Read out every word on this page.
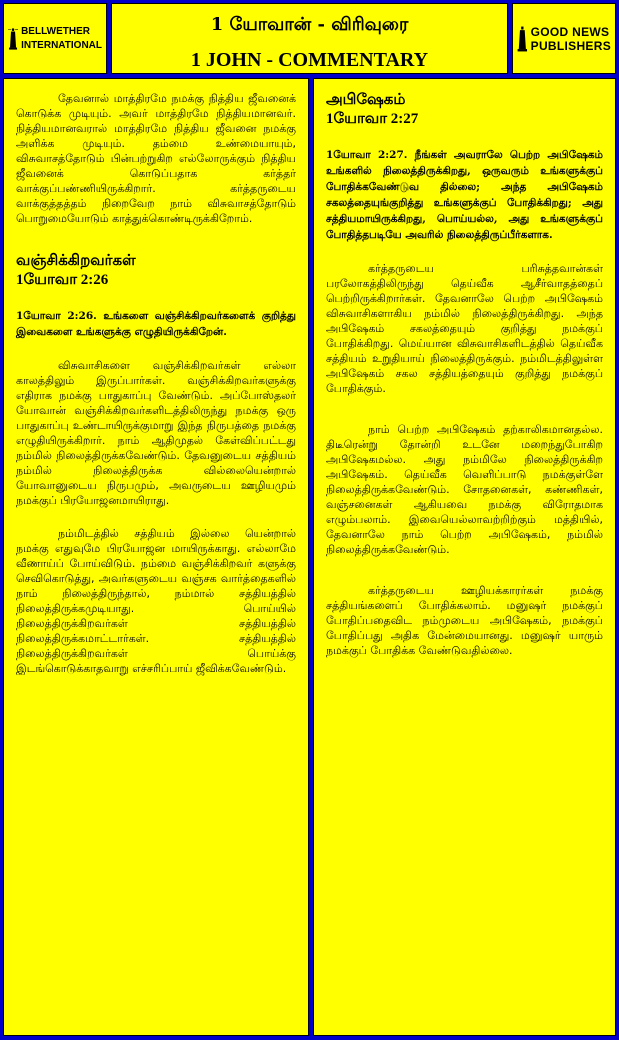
BELLWETHER
INTERNATIONAL
1 யோவான் - விரிவுரை
1 JOHN - COMMENTARY
GOOD NEWS
PUBLISHERS

தேவனால் மாத்திரமே நமக்கு நித்திய ஜீவனைக் கொடுக்க முடியும். அவர் மாத்திரமே நித்தியமானவர். நித்தியமானவரால் மாத்திரமே நித்திய ஜீவனை நமக்கு அளிக்க முடியும். தம்மை உண்மையாயும், விசுவாசத்தோடும் பின்பற்றுகிற எல்லோருக்கும் நித்திய ஜீவனைக் கொடுப்பதாக கர்த்தர் வாக்குப்பண்ணியிருக்கிறார். கர்த்தருடைய வாக்குத்தத்தம் நிறைவேற நாம் விசுவாசத்தோடும் பொறுமையோடும் காத்துக்கொண்டிருக்கிறோம்.

வஞ்சிக்கிறவர்கள்

1யோவா 2:26

1யோவா 2:26. உங்களை வஞ்சிக்கிறவர்களைக் குறித்து இவைகளை உங்களுக்கு எழுதியிருக்கிறேன்.

விசுவாசிகளை வஞ்சிக்கிறவர்கள் எல்லா காலத்திலும் இருப்பார்கள். வஞ்சிக்கிறவர்களுக்கு எதிராக நமக்கு பாதுகாப்பு வேண்டும். அப்போஸ்தலர் யோவான் வஞ்சிக்கிறவர்களிடத்திலிருந்து நமக்கு ஒரு பாதுகாப்பு உண்டாயிருக்குமாறு இந்த நிருபத்தை நமக்கு எழுதியிருக்கிறார். நாம் ஆதிமுதல் கேள்விப்பட்டது நம்மில் நிலைத்திருக்கவேண்டும். தேவனுடைய சத்தியம் நம்மில் நிலைத்திருக்க வில்லையென்றால் யோவானுடைய நிருபமும், அவருடைய ஊழியமும் நமக்குப் பிரயோஜனமாயிராது.

நம்மிடத்தில் சத்தியம் இல்லை யென்றால் நமக்கு எதுவுமே பிரயோஜன மாயிருக்காது. எல்லாமே வீணாய்ப் போய்விடும். நம்மை வஞ்சிக்கிறவர் களுக்கு செவிகொடுத்து, அவர்களுடைய வஞ்சக வார்த்தைகளில் நாம் நிலைத்திருந்தால், நம்மால் சத்தியத்தில் நிலைத்திருக்கமுடியாது. பொய்யில் நிலைத்திருக்கிறவர்கள் சத்தியத்தில் நிலைத்திருக்கமாட்டார்கள். சத்தியத்தில் நிலைத்திருக்கிறவர்கள் பொய்க்கு இடங்கொடுக்காதவாறு எச்சரிப்பாய் ஜீவிக்கவேண்டும்.

அபிஷேகம்

1யோவா 2:27

1யோவா 2:27. நீங்கள் அவராலே பெற்ற அபிஷேகம் உங்களில் நிலைத்திருக்கிறது, ஒருவரும் உங்களுக்குப் போதிக்கவேண்டுவ தில்லை; அந்த அபிஷேகம் சகலத்தையுங்குறித்து உங்களுக்குப் போதிக்கிறது; அது சத்தியமாயிருக்கிறது, பொய்யல்ல, அது உங்களுக்குப் போதித்தபடியே அவரில் நிலைத்திருப்பீர்களாக.

கர்த்தருடைய பரிசுத்தவான்கள் பரலோகத்திலிருந்து தெய்வீக ஆசீர்வாதத்தைப் பெற்றிருக்கிறார்கள். தேவனாலே பெற்ற அபிஷேகம் விசுவாசிகளாகிய நம்மில் நிலைத்திருக்கிறது. அந்த அபிஷேகம் சகலத்தையும் குறித்து நமக்குப் போதிக்கிறது. மெய்யான விசுவாசிகளிடத்தில் தெய்வீக சத்தியம் உறுதியாய் நிலைத்திருக்கும். நம்மிடத்திலுள்ள அபிஷேகம் சகல சத்தியத்தையும் குறித்து நமக்குப் போதிக்கும்.

நாம் பெற்ற அபிஷேகம் தற்காலிகமானதல்ல. திடீரென்று தோன்றி உடனே மறைந்துபோகிற அபிஷேகமல்ல. அது நம்மிலே நிலைத்திருக்கிற அபிஷேகம். தெய்வீக வெளிப்பாடு நமக்குள்ளே நிலைத்திருக்கவேண்டும். சோதனைகள், கண்ணிகள், வஞ்சனைகள் ஆகியவை நமக்கு விரோதமாக எழும்பலாம். இவையெல்லாவற்றிற்கும் மத்தியில், தேவனாலே நாம் பெற்ற அபிஷேகம், நம்மில் நிலைத்திருக்கவேண்டும்.

கர்த்தருடைய ஊழியக்காரர்கள் நமக்கு சத்தியங்களைப் போதிக்கலாம். மனுஷர் நமக்குப் போதிப்பதைவிட நம்முடைய அபிஷேகம், நமக்குப் போதிப்பது அதிக மேன்மையானது. மனுஷர் யாரும் நமக்குப் போதிக்க வேண்டுவதில்லை.
